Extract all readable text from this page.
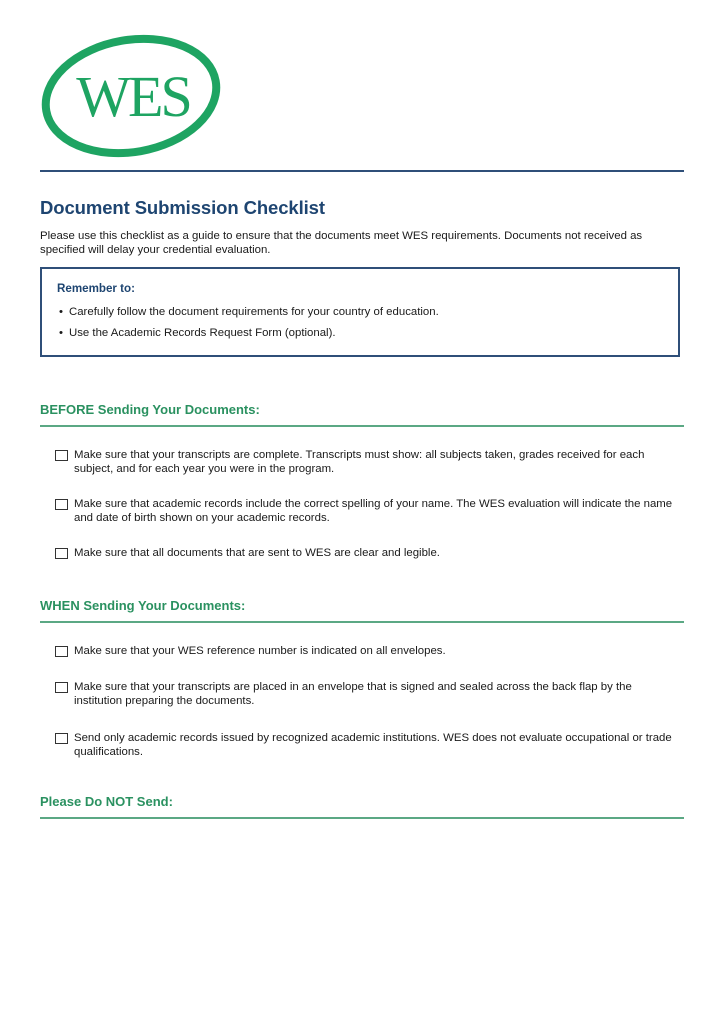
WES
Document Submission Checklist
Please use this checklist as a guide to ensure that the documents meet WES requirements. Documents not received as specified will delay your credential evaluation.
Remember to:
• Carefully follow the document requirements for your country of education.
• Use the Academic Records Request Form (optional).
BEFORE Sending Your Documents:
Make sure that your transcripts are complete. Transcripts must show: all subjects taken, grades received for each subject, and for each year you were in the program.
Make sure that academic records include the correct spelling of your name. The WES evaluation will indicate the name and date of birth shown on your academic records.
Make sure that all documents that are sent to WES are clear and legible.
WHEN Sending Your Documents:
Make sure that your WES reference number is indicated on all envelopes.
Make sure that your transcripts are placed in an envelope that is signed and sealed across the back flap by the institution preparing the documents.
Send only academic records issued by recognized academic institutions. WES does not evaluate occupational or trade qualifications.
Please Do NOT Send:
